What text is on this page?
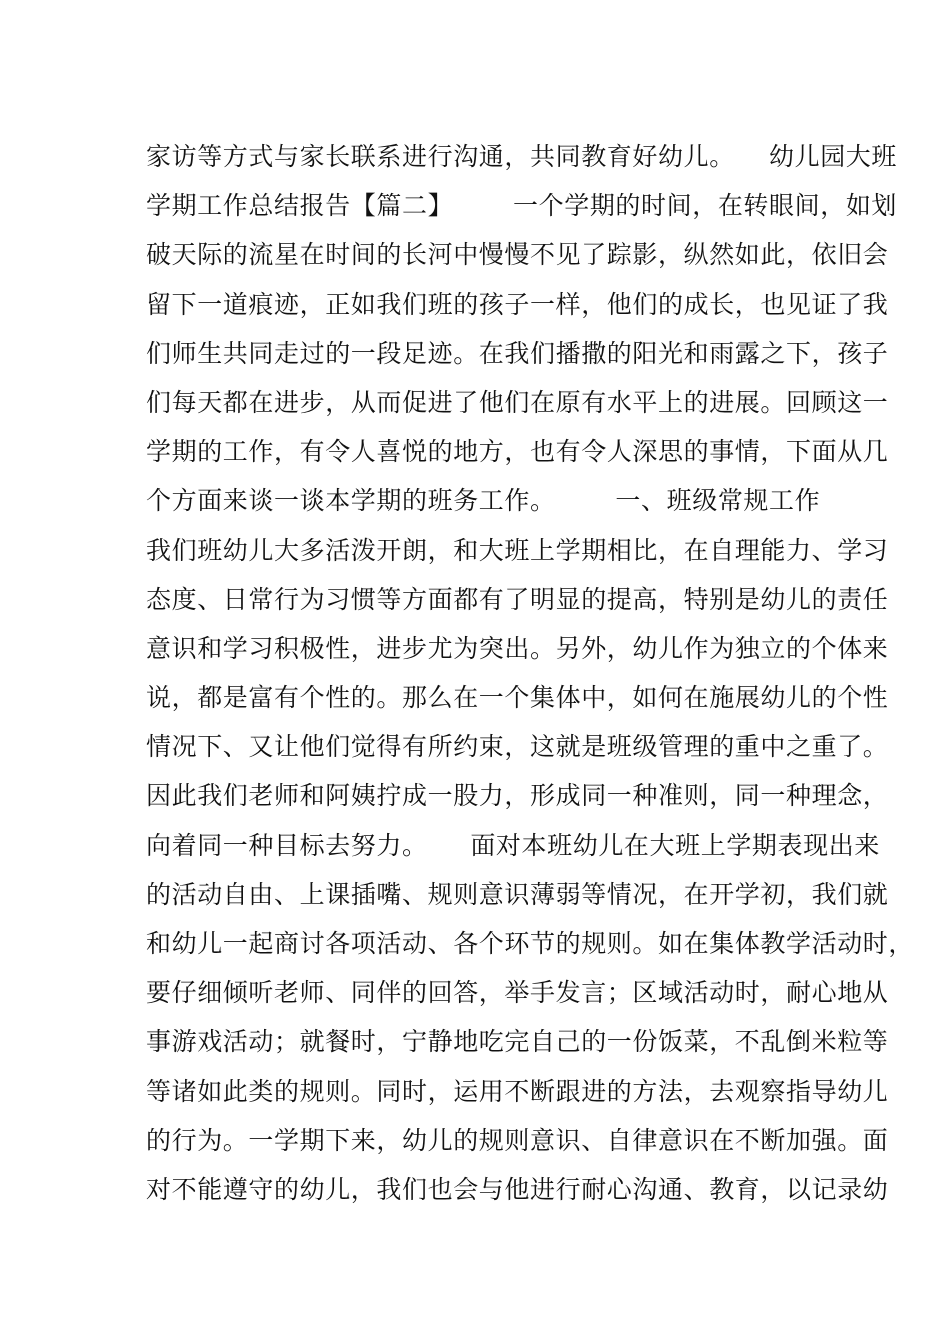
家访等方式与家长联系进行沟通，共同教育好幼儿。    幼儿园大班
学期工作总结报告【篇二】       一个学期的时间，在转眼间，如划
破天际的流星在时间的长河中慢慢不见了踪影，纵然如此，依旧会
留下一道痕迹，正如我们班的孩子一样，他们的成长，也见证了我
们师生共同走过的一段足迹。在我们播撒的阳光和雨露之下，孩子
们每天都在进步，从而促进了他们在原有水平上的进展。回顾这一
学期的工作，有令人喜悦的地方，也有令人深思的事情，下面从几
个方面来谈一谈本学期的班务工作。       一、班级常规工作
我们班幼儿大多活泼开朗，和大班上学期相比，在自理能力、学习
态度、日常行为习惯等方面都有了明显的提高，特别是幼儿的责任
意识和学习积极性，进步尤为突出。另外，幼儿作为独立的个体来
说，都是富有个性的。那么在一个集体中，如何在施展幼儿的个性
情况下、又让他们觉得有所约束，这就是班级管理的重中之重了。
因此我们老师和阿姨拧成一股力，形成同一种准则，同一种理念，
向着同一种目标去努力。     面对本班幼儿在大班上学期表现出来
的活动自由、上课插嘴、规则意识薄弱等情况，在开学初，我们就
和幼儿一起商讨各项活动、各个环节的规则。如在集体教学活动时，
要仔细倾听老师、同伴的回答，举手发言；区域活动时，耐心地从
事游戏活动；就餐时，宁静地吃完自己的一份饭菜，不乱倒米粒等
等诸如此类的规则。同时，运用不断跟进的方法，去观察指导幼儿
的行为。一学期下来，幼儿的规则意识、自律意识在不断加强。面
对不能遵守的幼儿，我们也会与他进行耐心沟通、教育，以记录幼
